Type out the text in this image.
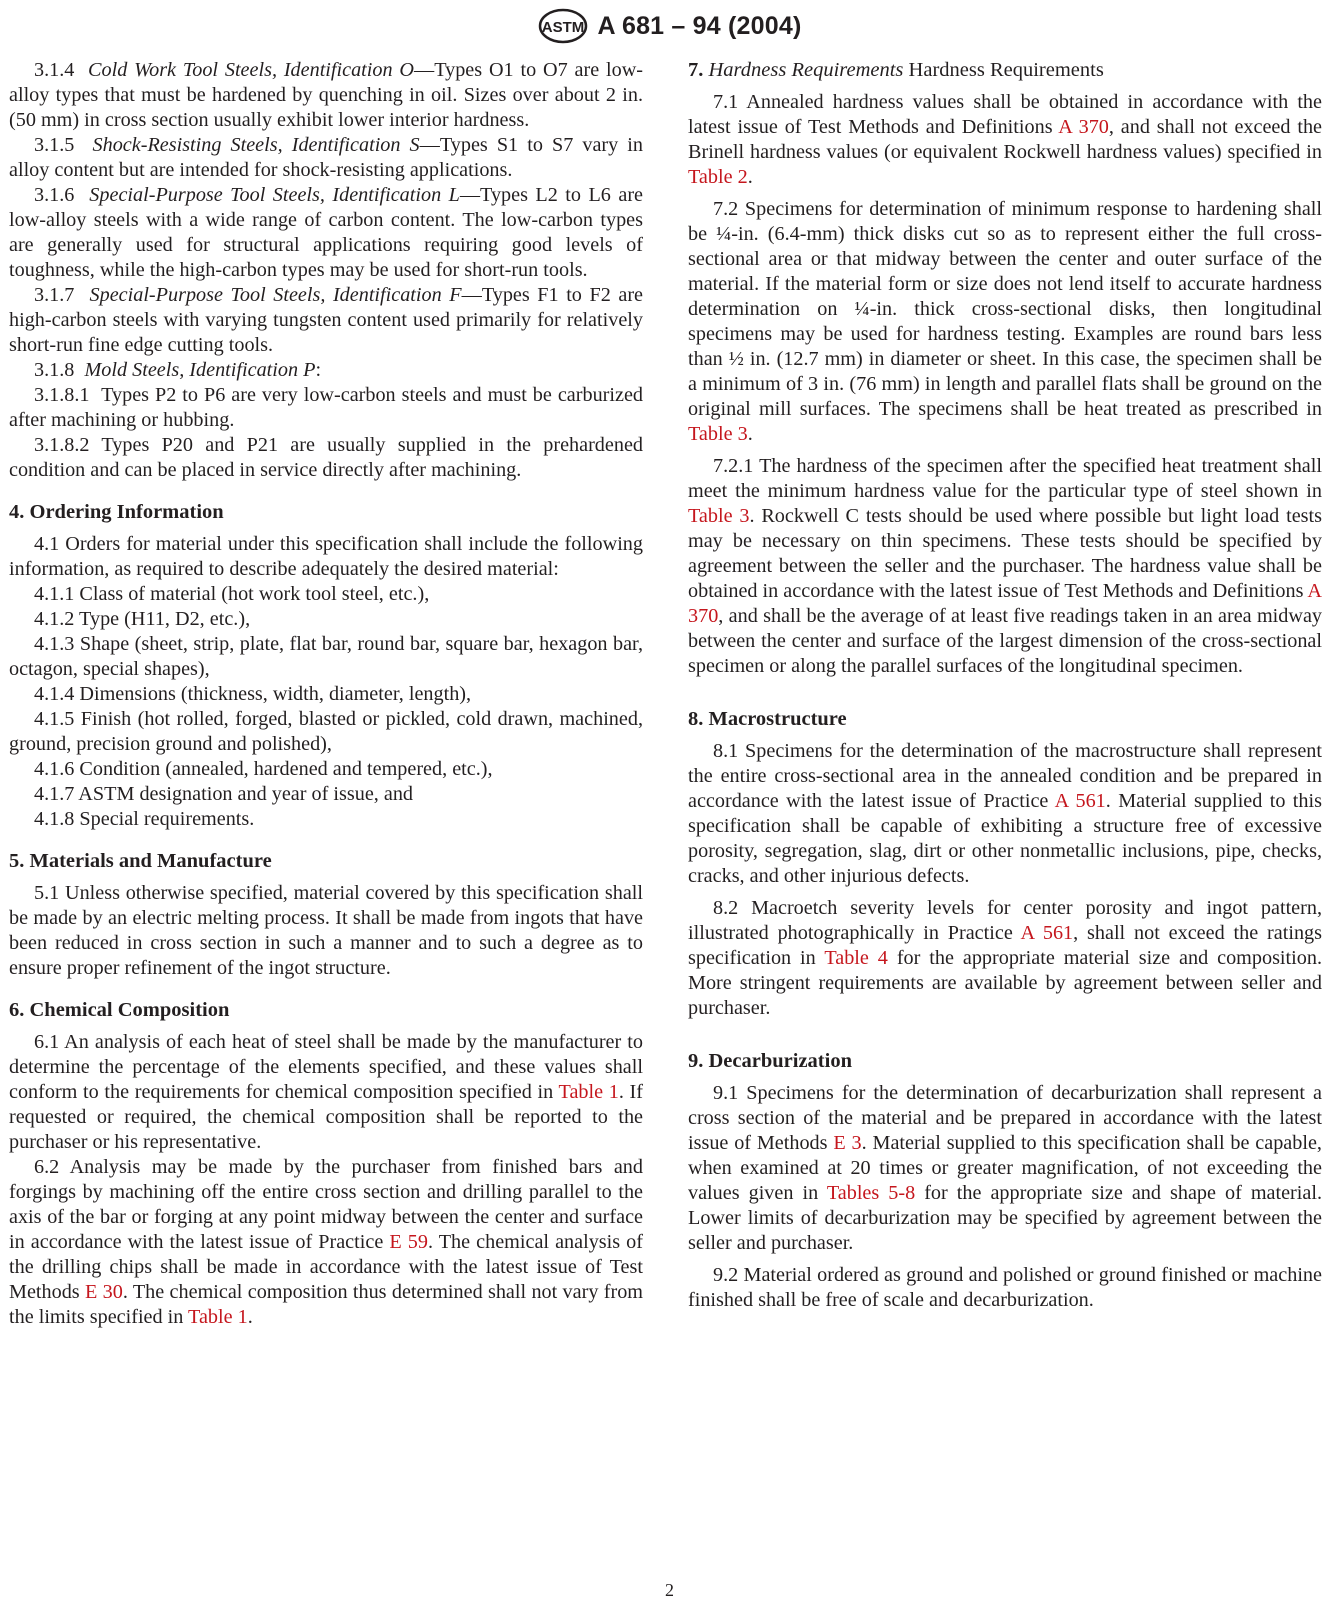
ASTM A 681 – 94 (2004)

3.1.4 Cold Work Tool Steels, Identification O—Types O1 to O7 are low-alloy types that must be hardened by quenching in oil. Sizes over about 2 in. (50 mm) in cross section usually exhibit lower interior hardness.

3.1.5 Shock-Resisting Steels, Identification S—Types S1 to S7 vary in alloy content but are intended for shock-resisting applications.

3.1.6 Special-Purpose Tool Steels, Identification L—Types L2 to L6 are low-alloy steels with a wide range of carbon content. The low-carbon types are generally used for structural applications requiring good levels of toughness, while the high-carbon types may be used for short-run tools.

3.1.7 Special-Purpose Tool Steels, Identification F—Types F1 to F2 are high-carbon steels with varying tungsten content used primarily for relatively short-run fine edge cutting tools.

3.1.8 Mold Steels, Identification P:

3.1.8.1 Types P2 to P6 are very low-carbon steels and must be carburized after machining or hubbing.

3.1.8.2 Types P20 and P21 are usually supplied in the prehardened condition and can be placed in service directly after machining.

4. Ordering Information

4.1 Orders for material under this specification shall include the following information, as required to describe adequately the desired material:

4.1.1 Class of material (hot work tool steel, etc.),

4.1.2 Type (H11, D2, etc.),

4.1.3 Shape (sheet, strip, plate, flat bar, round bar, square bar, hexagon bar, octagon, special shapes),

4.1.4 Dimensions (thickness, width, diameter, length),

4.1.5 Finish (hot rolled, forged, blasted or pickled, cold drawn, machined, ground, precision ground and polished),

4.1.6 Condition (annealed, hardened and tempered, etc.),

4.1.7 ASTM designation and year of issue, and

4.1.8 Special requirements.

5. Materials and Manufacture

5.1 Unless otherwise specified, material covered by this specification shall be made by an electric melting process. It shall be made from ingots that have been reduced in cross section in such a manner and to such a degree as to ensure proper refinement of the ingot structure.

6. Chemical Composition

6.1 An analysis of each heat of steel shall be made by the manufacturer to determine the percentage of the elements specified, and these values shall conform to the requirements for chemical composition specified in Table 1. If requested or required, the chemical composition shall be reported to the purchaser or his representative.

6.2 Analysis may be made by the purchaser from finished bars and forgings by machining off the entire cross section and drilling parallel to the axis of the bar or forging at any point midway between the center and surface in accordance with the latest issue of Practice E 59. The chemical analysis of the drilling chips shall be made in accordance with the latest issue of Test Methods E 30. The chemical composition thus determined shall not vary from the limits specified in Table 1.

7. Hardness Requirements Hardness Requirements

7.1 Annealed hardness values shall be obtained in accordance with the latest issue of Test Methods and Definitions A 370, and shall not exceed the Brinell hardness values (or equivalent Rockwell hardness values) specified in Table 2.

7.2 Specimens for determination of minimum response to hardening shall be ¼-in. (6.4-mm) thick disks cut so as to represent either the full cross-sectional area or that midway between the center and outer surface of the material. If the material form or size does not lend itself to accurate hardness determination on ¼-in. thick cross-sectional disks, then longitudinal specimens may be used for hardness testing. Examples are round bars less than ½ in. (12.7 mm) in diameter or sheet. In this case, the specimen shall be a minimum of 3 in. (76 mm) in length and parallel flats shall be ground on the original mill surfaces. The specimens shall be heat treated as prescribed in Table 3.

7.2.1 The hardness of the specimen after the specified heat treatment shall meet the minimum hardness value for the particular type of steel shown in Table 3. Rockwell C tests should be used where possible but light load tests may be necessary on thin specimens. These tests should be specified by agreement between the seller and the purchaser. The hardness value shall be obtained in accordance with the latest issue of Test Methods and Definitions A 370, and shall be the average of at least five readings taken in an area midway between the center and surface of the largest dimension of the cross-sectional specimen or along the parallel surfaces of the longitudinal specimen.

8. Macrostructure

8.1 Specimens for the determination of the macrostructure shall represent the entire cross-sectional area in the annealed condition and be prepared in accordance with the latest issue of Practice A 561. Material supplied to this specification shall be capable of exhibiting a structure free of excessive porosity, segregation, slag, dirt or other nonmetallic inclusions, pipe, checks, cracks, and other injurious defects.

8.2 Macroetch severity levels for center porosity and ingot pattern, illustrated photographically in Practice A 561, shall not exceed the ratings specification in Table 4 for the appropriate material size and composition. More stringent requirements are available by agreement between seller and purchaser.

9. Decarburization

9.1 Specimens for the determination of decarburization shall represent a cross section of the material and be prepared in accordance with the latest issue of Methods E 3. Material supplied to this specification shall be capable, when examined at 20 times or greater magnification, of not exceeding the values given in Tables 5-8 for the appropriate size and shape of material. Lower limits of decarburization may be specified by agreement between the seller and purchaser.

9.2 Material ordered as ground and polished or ground finished or machine finished shall be free of scale and decarburization.

2
